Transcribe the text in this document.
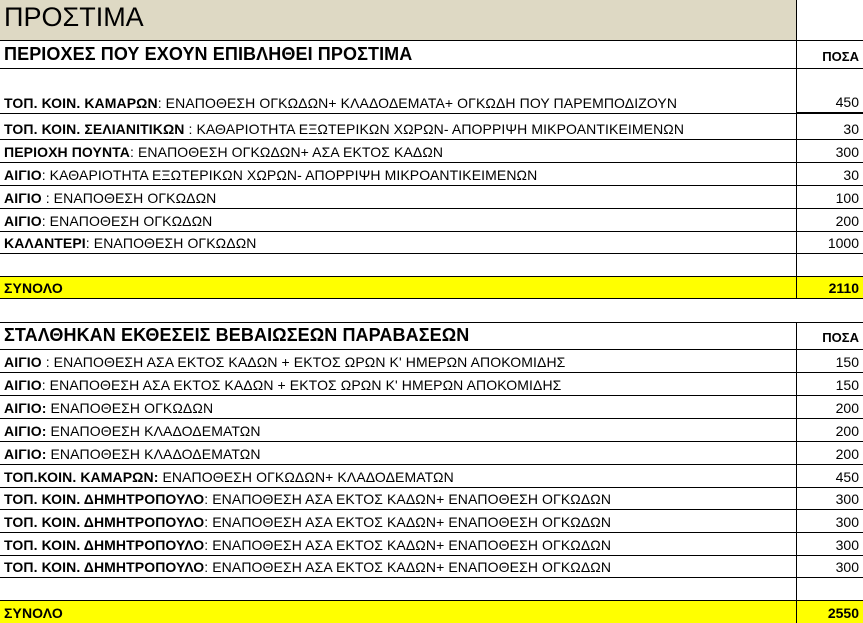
ΠΡΟΣΤΙΜΑ
ΠΕΡΙΟΧΕΣ ΠΟΥ ΕΧΟΥΝ ΕΠΙΒΛΗΘΕΙ ΠΡΟΣΤΙΜΑ	ΠΟΣΑ
ΤΟΠ. ΚΟΙΝ. ΚΑΜΑΡΩΝ: ΕΝΑΠΟΘΕΣΗ ΟΓΚΩΔΩΝ+ ΚΛΑΔΟΔΕΜΑΤΑ+ ΟΓΚΩΔΗ ΠΟΥ ΠΑΡΕΜΠΟΔΙΖΟΥΝ	450
ΤΟΠ. ΚΟΙΝ. ΣΕΛΙΑΝΙΤΙΚΩΝ : ΚΑΘΑΡΙΟΤΗΤΑ ΕΞΩΤΕΡΙΚΩΝ ΧΩΡΩΝ- ΑΠΟΡΡΙΨΗ ΜΙΚΡΟΑΝΤΙΚΕΙΜΕΝΩΝ	30
ΠΕΡΙΟΧΗ ΠΟΥΝΤΑ: ΕΝΑΠΟΘΕΣΗ ΟΓΚΩΔΩΝ+ ΑΣΑ ΕΚΤΟΣ ΚΑΔΩΝ	300
ΑΙΓΙΟ: ΚΑΘΑΡΙΟΤΗΤΑ ΕΞΩΤΕΡΙΚΩΝ ΧΩΡΩΝ- ΑΠΟΡΡΙΨΗ ΜΙΚΡΟΑΝΤΙΚΕΙΜΕΝΩΝ	30
ΑΙΓΙΟ : ΕΝΑΠΟΘΕΣΗ ΟΓΚΩΔΩΝ	100
ΑΙΓΙΟ: ΕΝΑΠΟΘΕΣΗ ΟΓΚΩΔΩΝ	200
ΚΑΛΑΝΤΕΡΙ: ΕΝΑΠΟΘΕΣΗ ΟΓΚΩΔΩΝ	1000
ΣΥΝΟΛΟ	2110
ΣΤΑΛΘΗΚΑΝ ΕΚΘΕΣΕΙΣ ΒΕΒΑΙΩΣΕΩΝ ΠΑΡΑΒΑΣΕΩΝ	ΠΟΣΑ
ΑΙΓΙΟ : ΕΝΑΠΟΘΕΣΗ ΑΣΑ ΕΚΤΟΣ ΚΑΔΩΝ + ΕΚΤΟΣ ΩΡΩΝ Κ' ΗΜΕΡΩΝ ΑΠΟΚΟΜΙΔΗΣ	150
ΑΙΓΙΟ: ΕΝΑΠΟΘΕΣΗ ΑΣΑ ΕΚΤΟΣ ΚΑΔΩΝ + ΕΚΤΟΣ ΩΡΩΝ Κ' ΗΜΕΡΩΝ ΑΠΟΚΟΜΙΔΗΣ	150
ΑΙΓΙΟ: ΕΝΑΠΟΘΕΣΗ ΟΓΚΩΔΩΝ	200
ΑΙΓΙΟ: ΕΝΑΠΟΘΕΣΗ ΚΛΑΔΟΔΕΜΑΤΩΝ	200
ΑΙΓΙΟ: ΕΝΑΠΟΘΕΣΗ ΚΛΑΔΟΔΕΜΑΤΩΝ	200
ΤΟΠ.ΚΟΙΝ. ΚΑΜΑΡΩΝ: ΕΝΑΠΟΘΕΣΗ ΟΓΚΩΔΩΝ+ ΚΛΑΔΟΔΕΜΑΤΩΝ	450
ΤΟΠ. ΚΟΙΝ. ΔΗΜΗΤΡΟΠΟΥΛΟ: ΕΝΑΠΟΘΕΣΗ ΑΣΑ ΕΚΤΟΣ ΚΑΔΩΝ+ ΕΝΑΠΟΘΕΣΗ ΟΓΚΩΔΩΝ	300
ΤΟΠ. ΚΟΙΝ. ΔΗΜΗΤΡΟΠΟΥΛΟ: ΕΝΑΠΟΘΕΣΗ ΑΣΑ ΕΚΤΟΣ ΚΑΔΩΝ+ ΕΝΑΠΟΘΕΣΗ ΟΓΚΩΔΩΝ	300
ΤΟΠ. ΚΟΙΝ. ΔΗΜΗΤΡΟΠΟΥΛΟ: ΕΝΑΠΟΘΕΣΗ ΑΣΑ ΕΚΤΟΣ ΚΑΔΩΝ+ ΕΝΑΠΟΘΕΣΗ ΟΓΚΩΔΩΝ	300
ΤΟΠ. ΚΟΙΝ. ΔΗΜΗΤΡΟΠΟΥΛΟ: ΕΝΑΠΟΘΕΣΗ ΑΣΑ ΕΚΤΟΣ ΚΑΔΩΝ+ ΕΝΑΠΟΘΕΣΗ ΟΓΚΩΔΩΝ	300
ΣΥΝΟΛΟ	2550
